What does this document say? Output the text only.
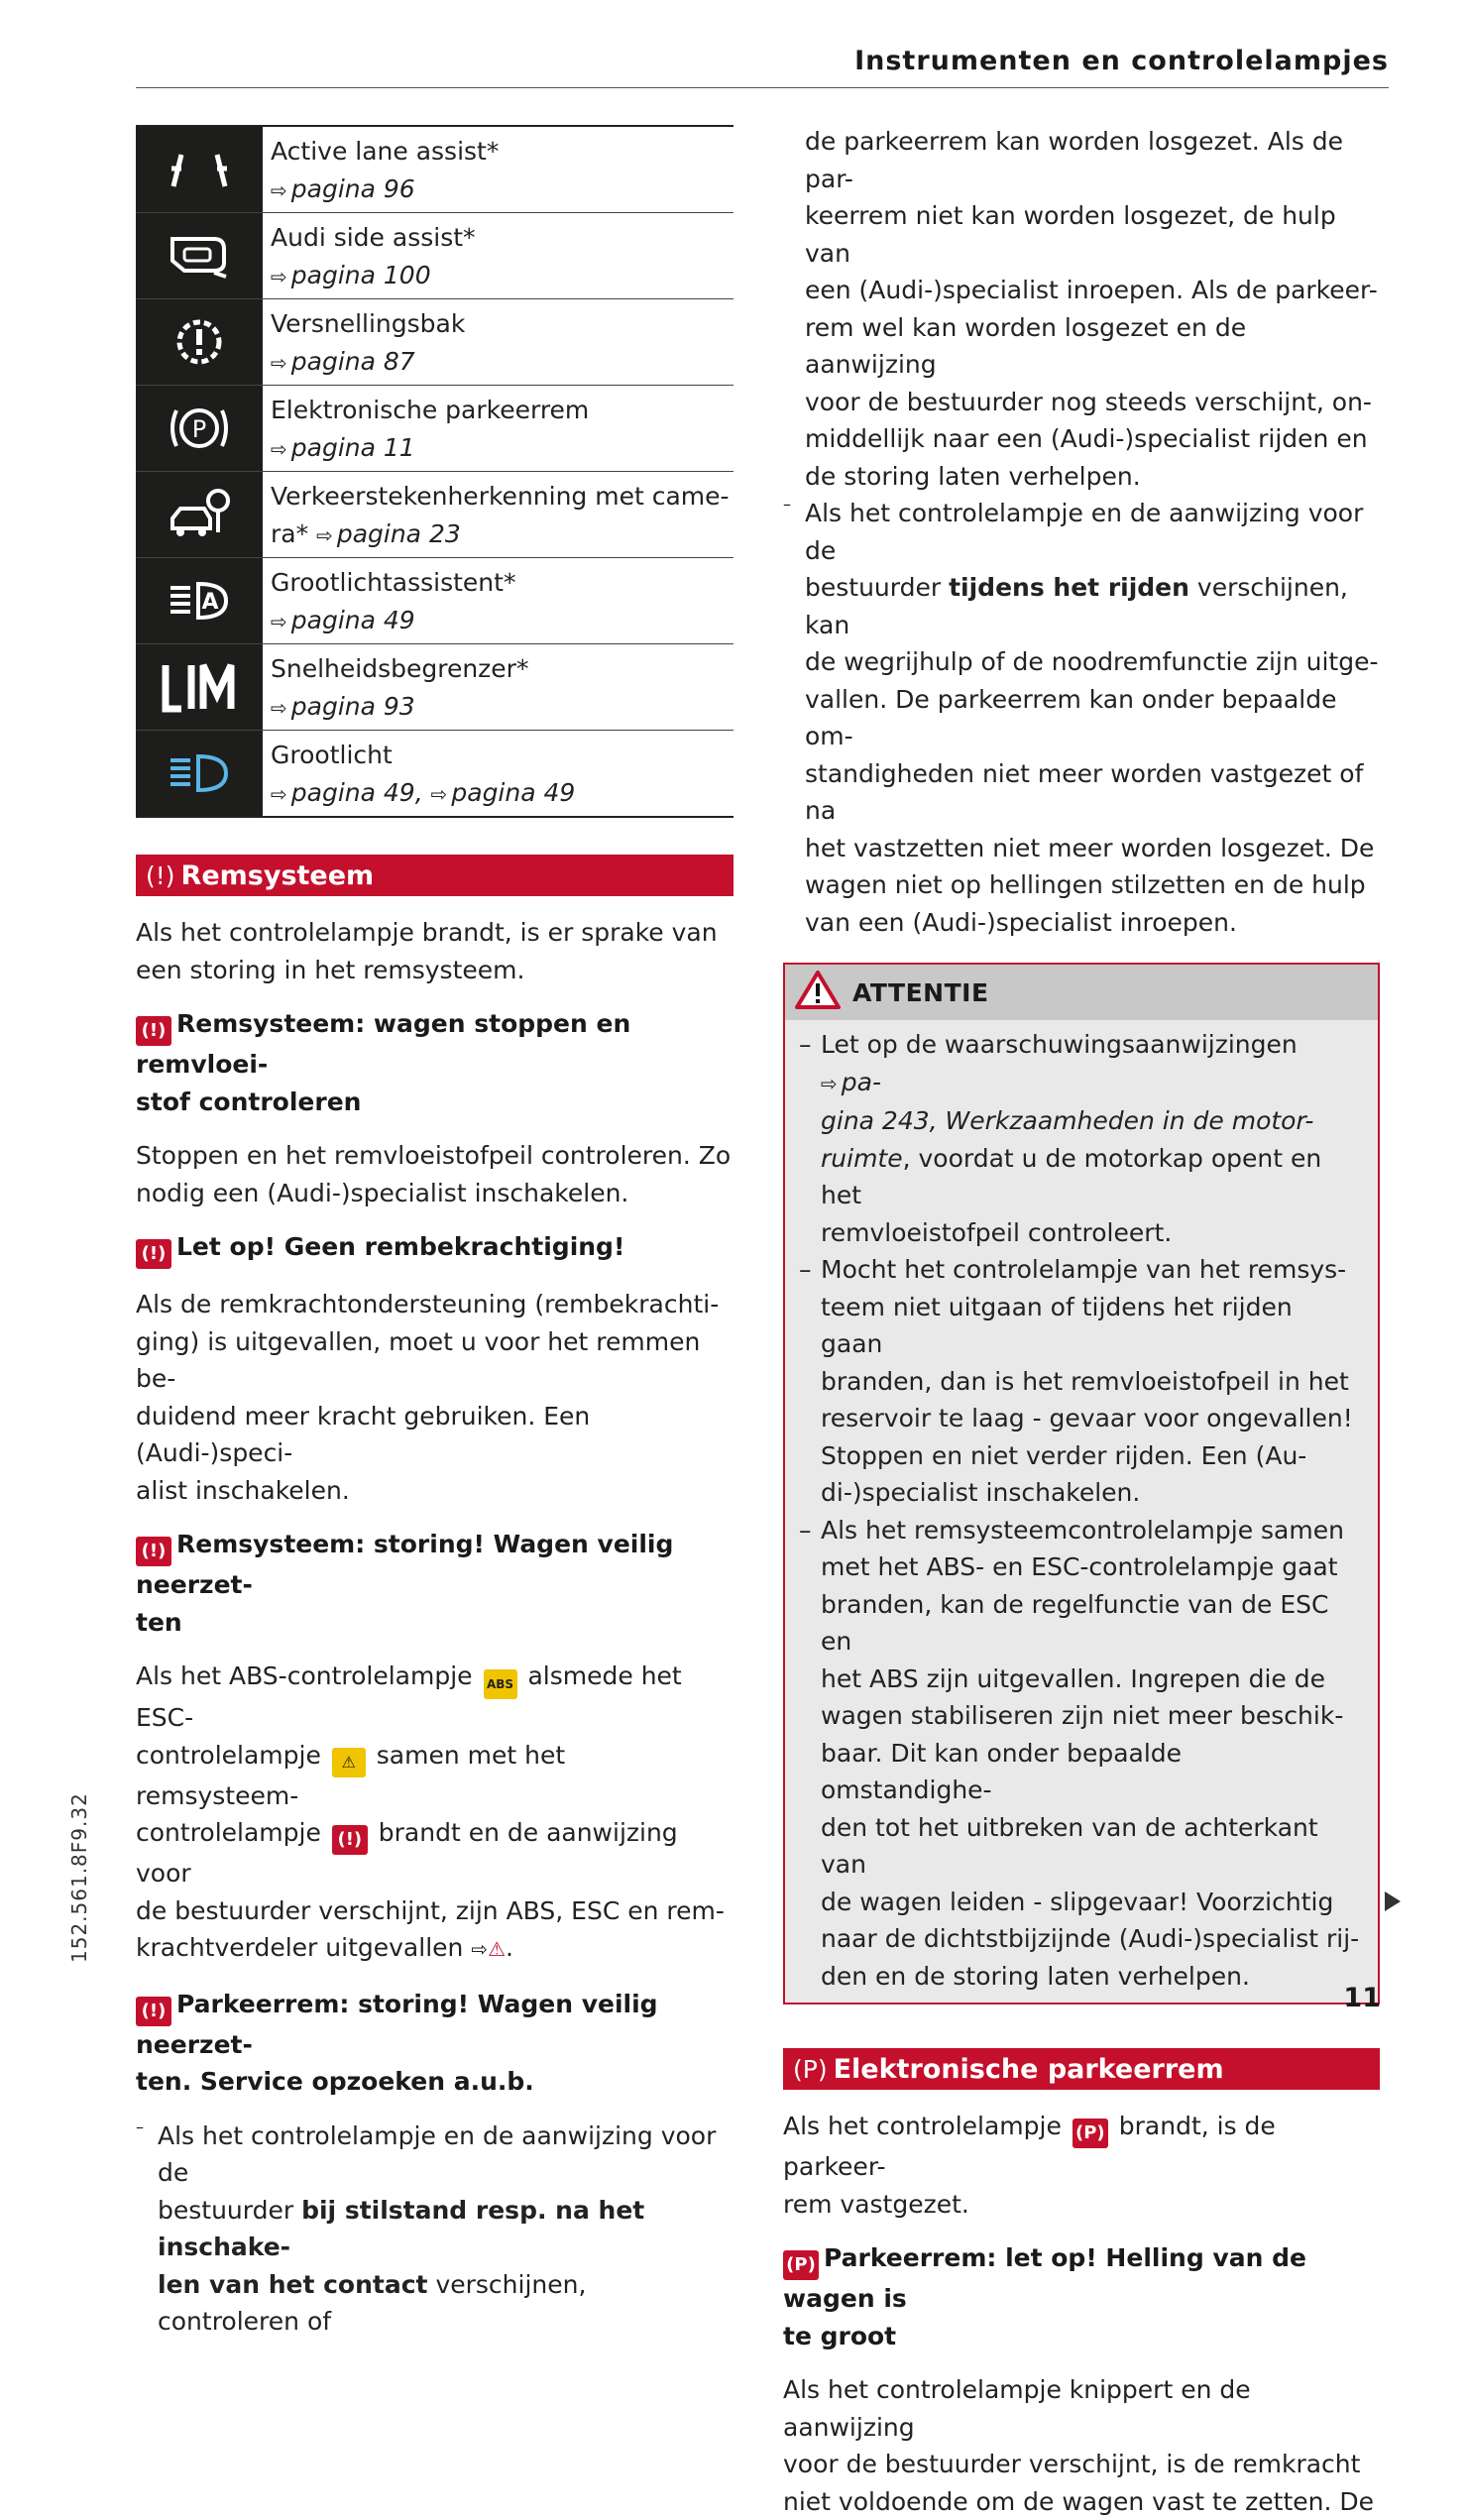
Instrumenten en controlelampjes
Active lane assist*
⇨ pagina 96
Audi side assist*
⇨ pagina 100
Versnellingsbak
⇨ pagina 87
P
Elektronische parkeerrem
⇨ pagina 11
Verkeerstekenherkenning met came-
ra* ⇨ pagina 23
A
Grootlichtassistent*
⇨ pagina 49
Snelheidsbegrenzer*
⇨ pagina 93
Grootlicht
⇨ pagina 49, ⇨ pagina 49
(!) Remsysteem

Als het controlelampje brandt, is er sprake van

een storing in het remsysteem.

(!) Remsysteem: wagen stoppen en remvloei-

stof controleren

Stoppen en het remvloeistofpeil controleren. Zo

nodig een (Audi-)specialist inschakelen.

(!) Let op! Geen rembekrachtiging!

Als de remkrachtondersteuning (rembekrachti-

ging) is uitgevallen, moet u voor het remmen be-

duidend meer kracht gebruiken. Een (Audi-)speci-

alist inschakelen.

(!) Remsysteem: storing! Wagen veilig neerzet-

ten

Als het ABS-controlelampje ABS alsmede het ESC-

controlelampje ⚠ samen met het remsysteem-

controlelampje (!) brandt en de aanwijzing voor

de bestuurder verschijnt, zijn ABS, ESC en rem-

krachtverdeler uitgevallen ⇨⚠.

(!) Parkeerrem: storing! Wagen veilig neerzet-

ten. Service opzoeken a.u.b.

– Als het controlelampje en de aanwijzing voor de

bestuurder bij stilstand resp. na het inschake-

len van het contact verschijnen, controleren of

de parkeerrem kan worden losgezet. Als de par-

keerrem niet kan worden losgezet, de hulp van

een (Audi-)specialist inroepen. Als de parkeer-

rem wel kan worden losgezet en de aanwijzing

voor de bestuurder nog steeds verschijnt, on-

middellijk naar een (Audi-)specialist rijden en

de storing laten verhelpen.

– Als het controlelampje en de aanwijzing voor de

bestuurder tijdens het rijden verschijnen, kan

de wegrijhulp of de noodremfunctie zijn uitge-

vallen. De parkeerrem kan onder bepaalde om-

standigheden niet meer worden vastgezet of na

het vastzetten niet meer worden losgezet. De

wagen niet op hellingen stilzetten en de hulp

van een (Audi-)specialist inroepen.

ATTENTIE
– Let op de waarschuwingsaanwijzingen ⇨ pa-
gina 243, Werkzaamheden in de motor-
ruimte, voordat u de motorkap opent en het
remvloeistofpeil controleert.
– Mocht het controlelampje van het remsys-
teem niet uitgaan of tijdens het rijden gaan
branden, dan is het remvloeistofpeil in het
reservoir te laag - gevaar voor ongevallen!
Stoppen en niet verder rijden. Een (Au-
di-)specialist inschakelen.
– Als het remsysteemcontrolelampje samen
met het ABS- en ESC-controlelampje gaat
branden, kan de regelfunctie van de ESC en
het ABS zijn uitgevallen. Ingrepen die de
wagen stabiliseren zijn niet meer beschik-
baar. Dit kan onder bepaalde omstandighe-
den tot het uitbreken van de achterkant van
de wagen leiden - slipgevaar! Voorzichtig
naar de dichtstbijzijnde (Audi-)specialist rij-
den en de storing laten verhelpen.
(P) Elektronische parkeerrem

Als het controlelampje (P) brandt, is de parkeer-

rem vastgezet.

(P) Parkeerrem: let op! Helling van de wagen is

te groot

Als het controlelampje knippert en de aanwijzing

voor de bestuurder verschijnt, is de remkracht

niet voldoende om de wagen vast te zetten. De

152.561.8F9.32
11
